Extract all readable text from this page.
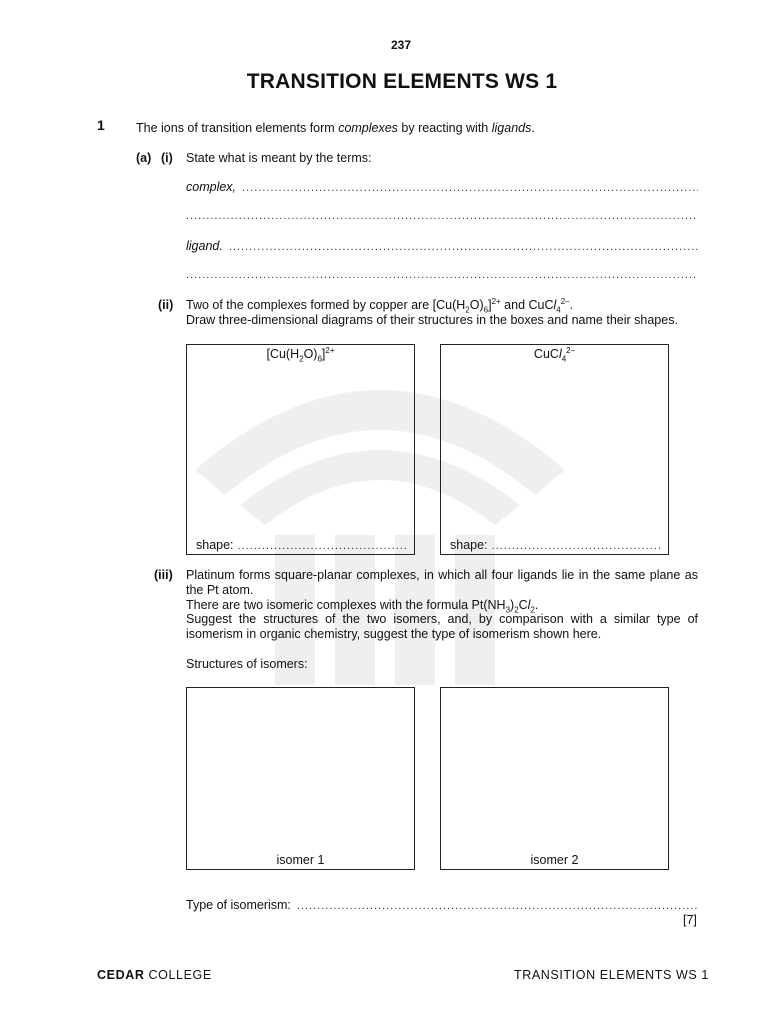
237
TRANSITION ELEMENTS WS 1
1 The ions of transition elements form complexes by reacting with ligands.
(a) (i) State what is meant by the terms:
complex,
.....
.....
ligand.
.....
.....
(ii) Two of the complexes formed by copper are $[Cu(H_2O)_6]^{2+}$ and CuCl$_4^{2-}$.
Draw three-dimensional diagrams of their structures in the boxes and name their shapes.
$[Cu(H_2O)_6]^{2+}$
shape:
.....
CuCl$_4^{2-}$
shape:
.....
(iii) Platinum forms square-planar complexes, in which all four ligands lie in the same plane as
the Pt atom.
There are two isomeric complexes with the formula $Pt(NH_3)_2Cl_2$.
Suggest the structures of the two isomers, and, by comparison with a similar type of
isomerism in organic chemistry, suggest the type of isomerism shown here.
Structures of isomers:
isomer 1	isomer 2
Type of isomerism:
.....
[7]
CEDAR COLLEGE	TRANSITION ELEMENTS WS 1
